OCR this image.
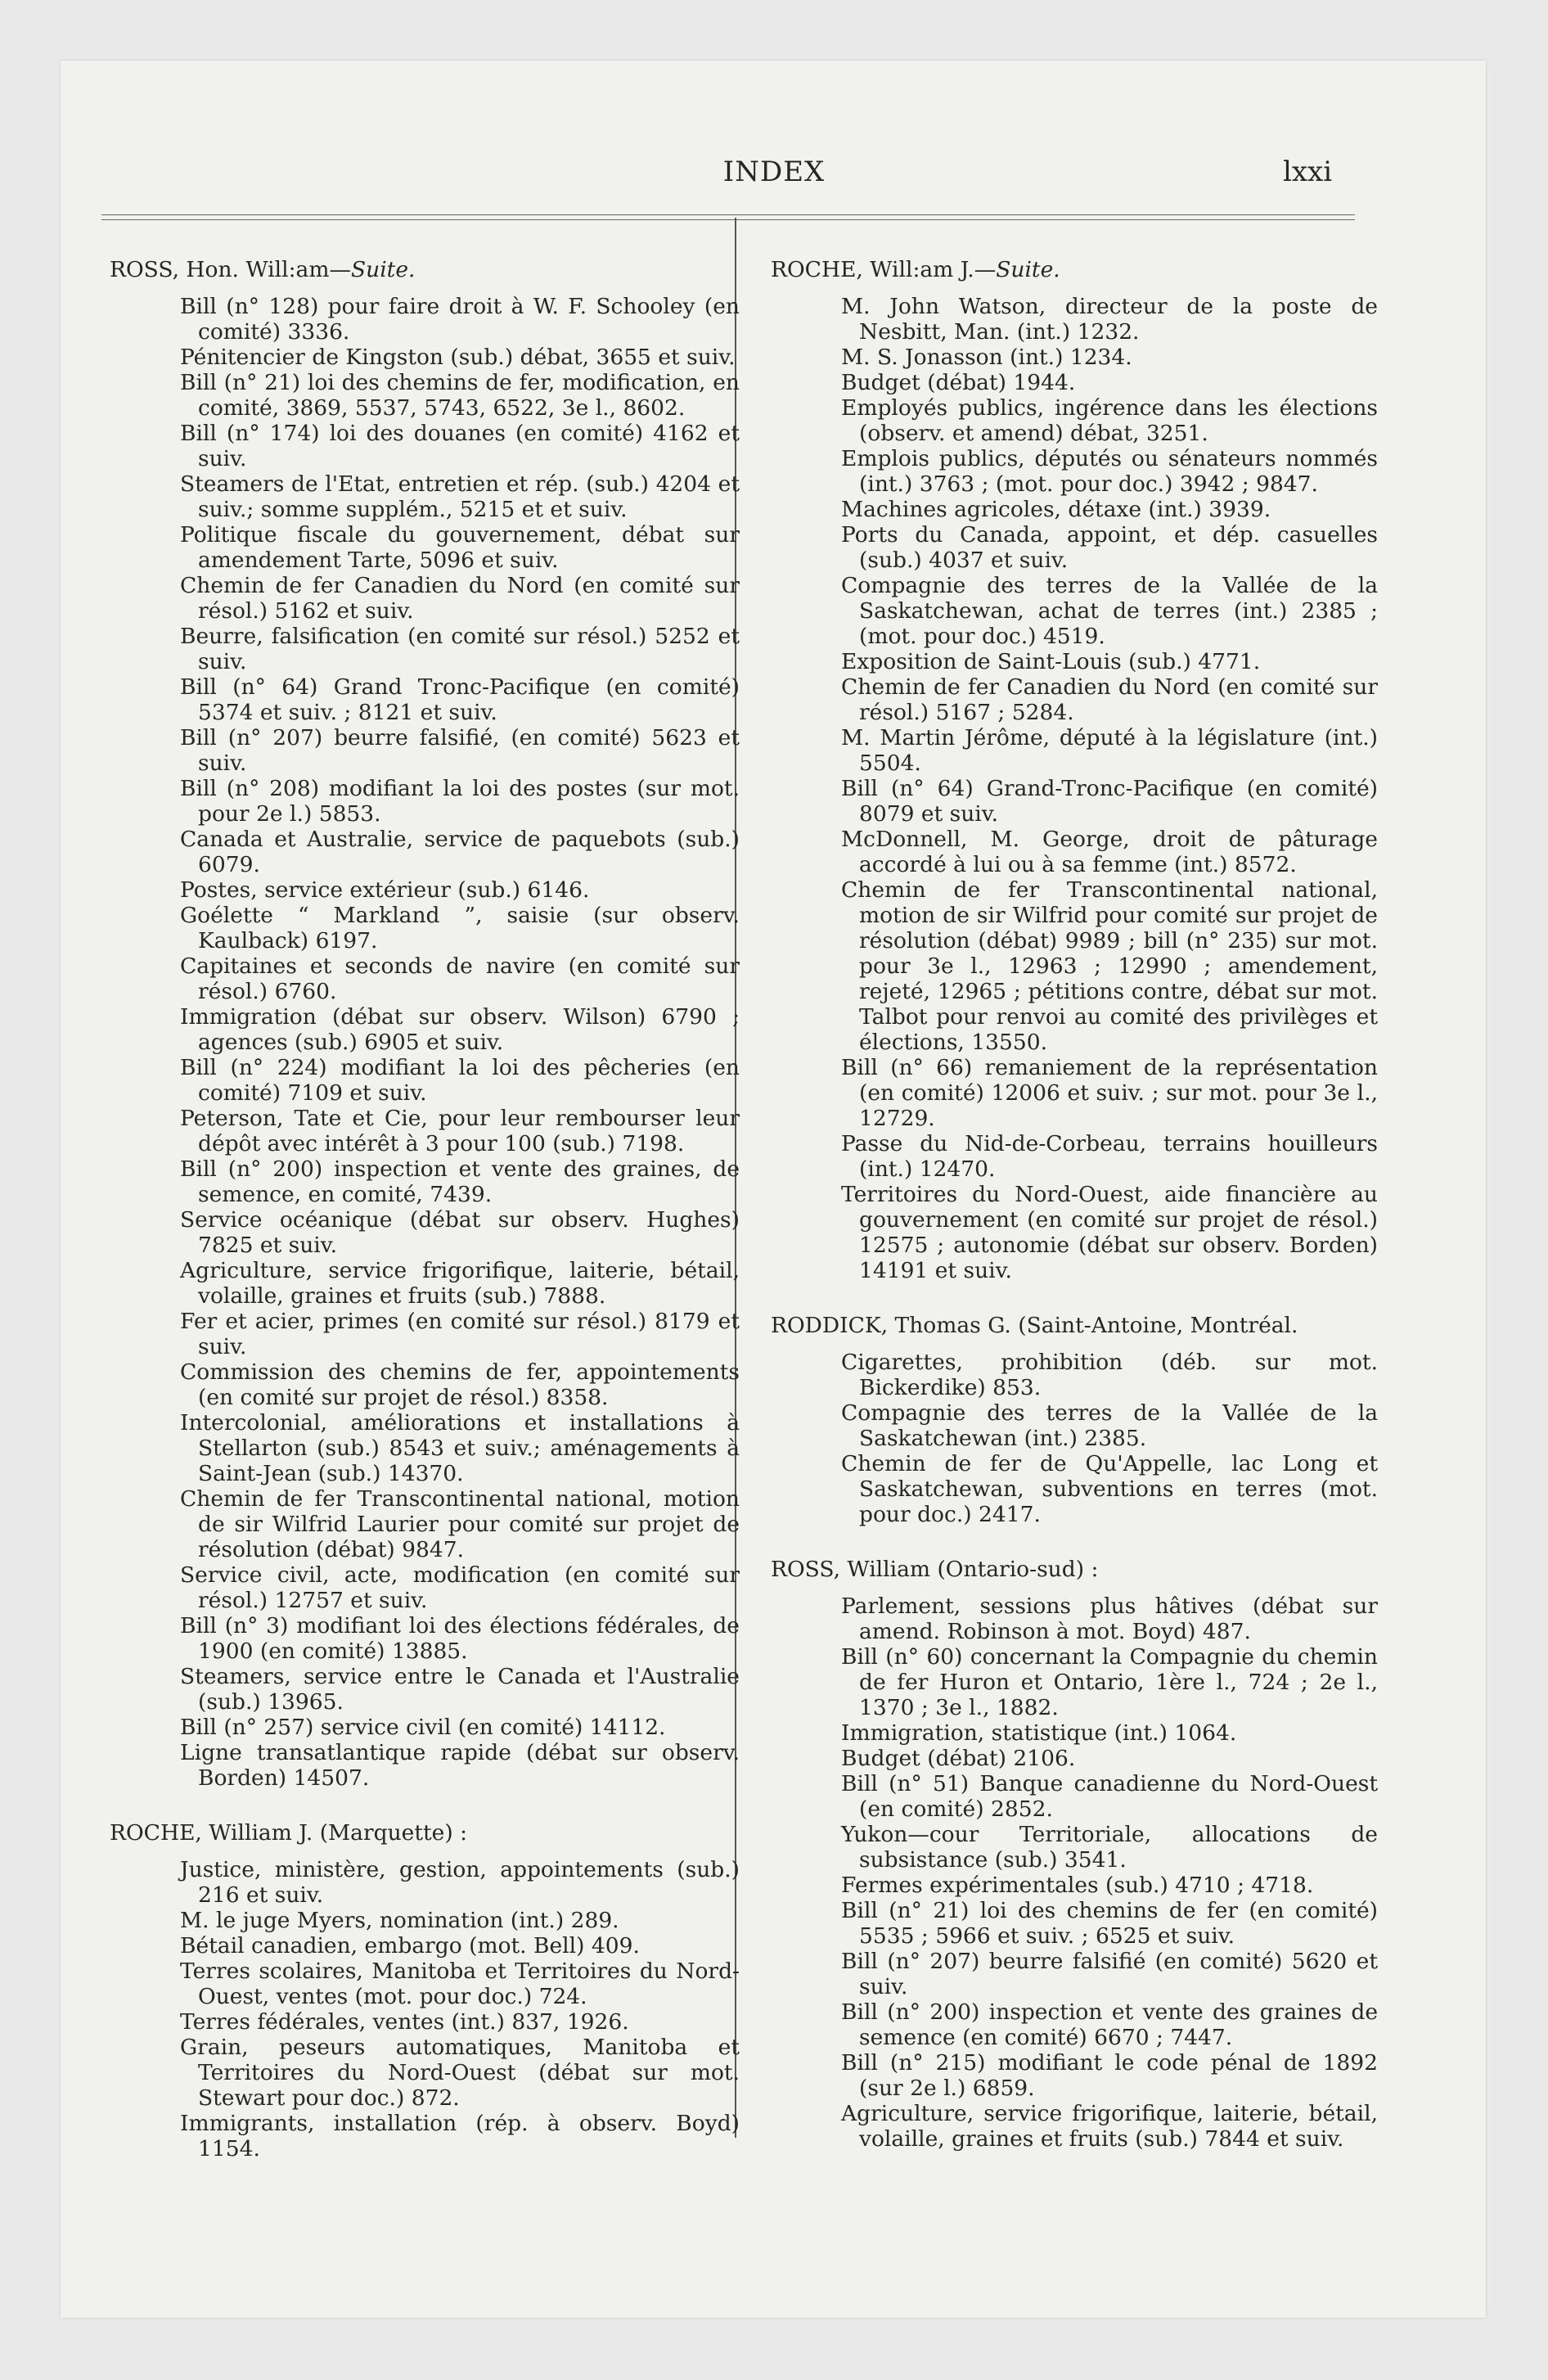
INDEX	lxxi
ROSS, Hon. Will:am—Suite.
Bill (n° 128) pour faire droit à W. F. Schooley (en comité) 3336.
Pénitencier de Kingston (sub.) débat, 3655 et suiv.
Bill (n° 21) loi des chemins de fer, modification, en comité, 3869, 5537, 5743, 6522, 3e l., 8602.
Bill (n° 174) loi des douanes (en comité) 4162 et suiv.
Steamers de l'Etat, entretien et rép. (sub.) 4204 et suiv.; somme supplém., 5215 et et suiv.
Politique fiscale du gouvernement, débat sur amendement Tarte, 5096 et suiv.
Chemin de fer Canadien du Nord (en comité sur résol.) 5162 et suiv.
Beurre, falsification (en comité sur résol.) 5252 et suiv.
Bill (n° 64) Grand Tronc-Pacifique (en comité) 5374 et suiv. ; 8121 et suiv.
Bill (n° 207) beurre falsifié, (en comité) 5623 et suiv.
Bill (n° 208) modifiant la loi des postes (sur mot. pour 2e l.) 5853.
Canada et Australie, service de paquebots (sub.) 6079.
Postes, service extérieur (sub.) 6146.
Goélette “ Markland ”, saisie (sur observ. Kaulback) 6197.
Capitaines et seconds de navire (en comité sur résol.) 6760.
Immigration (débat sur observ. Wilson) 6790 ; agences (sub.) 6905 et suiv.
Bill (n° 224) modifiant la loi des pêcheries (en comité) 7109 et suiv.
Peterson, Tate et Cie, pour leur rembourser leur dépôt avec intérêt à 3 pour 100 (sub.) 7198.
Bill (n° 200) inspection et vente des graines, de semence, en comité, 7439.
Service océanique (débat sur observ. Hughes) 7825 et suiv.
Agriculture, service frigorifique, laiterie, bétail, volaille, graines et fruits (sub.) 7888.
Fer et acier, primes (en comité sur résol.) 8179 et suiv.
Commission des chemins de fer, appointements (en comité sur projet de résol.) 8358.
Intercolonial, améliorations et installations à Stellarton (sub.) 8543 et suiv.; aménagements à Saint-Jean (sub.) 14370.
Chemin de fer Transcontinental national, motion de sir Wilfrid Laurier pour comité sur projet de résolution (débat) 9847.
Service civil, acte, modification (en comité sur résol.) 12757 et suiv.
Bill (n° 3) modifiant loi des élections fédérales, de 1900 (en comité) 13885.
Steamers, service entre le Canada et l'Australie (sub.) 13965.
Bill (n° 257) service civil (en comité) 14112.
Ligne transatlantique rapide (débat sur observ. Borden) 14507.
ROCHE, William J. (Marquette) :
Justice, ministère, gestion, appointements (sub.) 216 et suiv.
M. le juge Myers, nomination (int.) 289.
Bétail canadien, embargo (mot. Bell) 409.
Terres scolaires, Manitoba et Territoires du Nord-Ouest, ventes (mot. pour doc.) 724.
Terres fédérales, ventes (int.) 837, 1926.
Grain, peseurs automatiques, Manitoba et Territoires du Nord-Ouest (débat sur mot. Stewart pour doc.) 872.
Immigrants, installation (rép. à observ. Boyd) 1154.
ROCHE, Will:am J.—Suite.
M. John Watson, directeur de la poste de Nesbitt, Man. (int.) 1232.
M. S. Jonasson (int.) 1234.
Budget (débat) 1944.
Employés publics, ingérence dans les élections (observ. et amend) débat, 3251.
Emplois publics, députés ou sénateurs nommés (int.) 3763 ; (mot. pour doc.) 3942 ; 9847.
Machines agricoles, détaxe (int.) 3939.
Ports du Canada, appoint, et dép. casuelles (sub.) 4037 et suiv.
Compagnie des terres de la Vallée de la Saskatchewan, achat de terres (int.) 2385 ; (mot. pour doc.) 4519.
Exposition de Saint-Louis (sub.) 4771.
Chemin de fer Canadien du Nord (en comité sur résol.) 5167 ; 5284.
M. Martin Jérôme, député à la législature (int.) 5504.
Bill (n° 64) Grand-Tronc-Pacifique (en comité) 8079 et suiv.
McDonnell, M. George, droit de pâturage accordé à lui ou à sa femme (int.) 8572.
Chemin de fer Transcontinental national, motion de sir Wilfrid pour comité sur projet de résolution (débat) 9989 ; bill (n° 235) sur mot. pour 3e l., 12963 ; 12990 ; amendement, rejeté, 12965 ; pétitions contre, débat sur mot. Talbot pour renvoi au comité des privilèges et élections, 13550.
Bill (n° 66) remaniement de la représentation (en comité) 12006 et suiv. ; sur mot. pour 3e l., 12729.
Passe du Nid-de-Corbeau, terrains houilleurs (int.) 12470.
Territoires du Nord-Ouest, aide financière au gouvernement (en comité sur projet de résol.) 12575 ; autonomie (débat sur observ. Borden) 14191 et suiv.
RODDICK, Thomas G. (Saint-Antoine, Montréal.
Cigarettes, prohibition (déb. sur mot. Bickerdike) 853.
Compagnie des terres de la Vallée de la Saskatchewan (int.) 2385.
Chemin de fer de Qu'Appelle, lac Long et Saskatchewan, subventions en terres (mot. pour doc.) 2417.
ROSS, William (Ontario-sud) :
Parlement, sessions plus hâtives (débat sur amend. Robinson à mot. Boyd) 487.
Bill (n° 60) concernant la Compagnie du chemin de fer Huron et Ontario, 1ère l., 724 ; 2e l., 1370 ; 3e l., 1882.
Immigration, statistique (int.) 1064.
Budget (débat) 2106.
Bill (n° 51) Banque canadienne du Nord-Ouest (en comité) 2852.
Yukon—cour Territoriale, allocations de subsistance (sub.) 3541.
Fermes expérimentales (sub.) 4710 ; 4718.
Bill (n° 21) loi des chemins de fer (en comité) 5535 ; 5966 et suiv. ; 6525 et suiv.
Bill (n° 207) beurre falsifié (en comité) 5620 et suiv.
Bill (n° 200) inspection et vente des graines de semence (en comité) 6670 ; 7447.
Bill (n° 215) modifiant le code pénal de 1892 (sur 2e l.) 6859.
Agriculture, service frigorifique, laiterie, bétail, volaille, graines et fruits (sub.) 7844 et suiv.
